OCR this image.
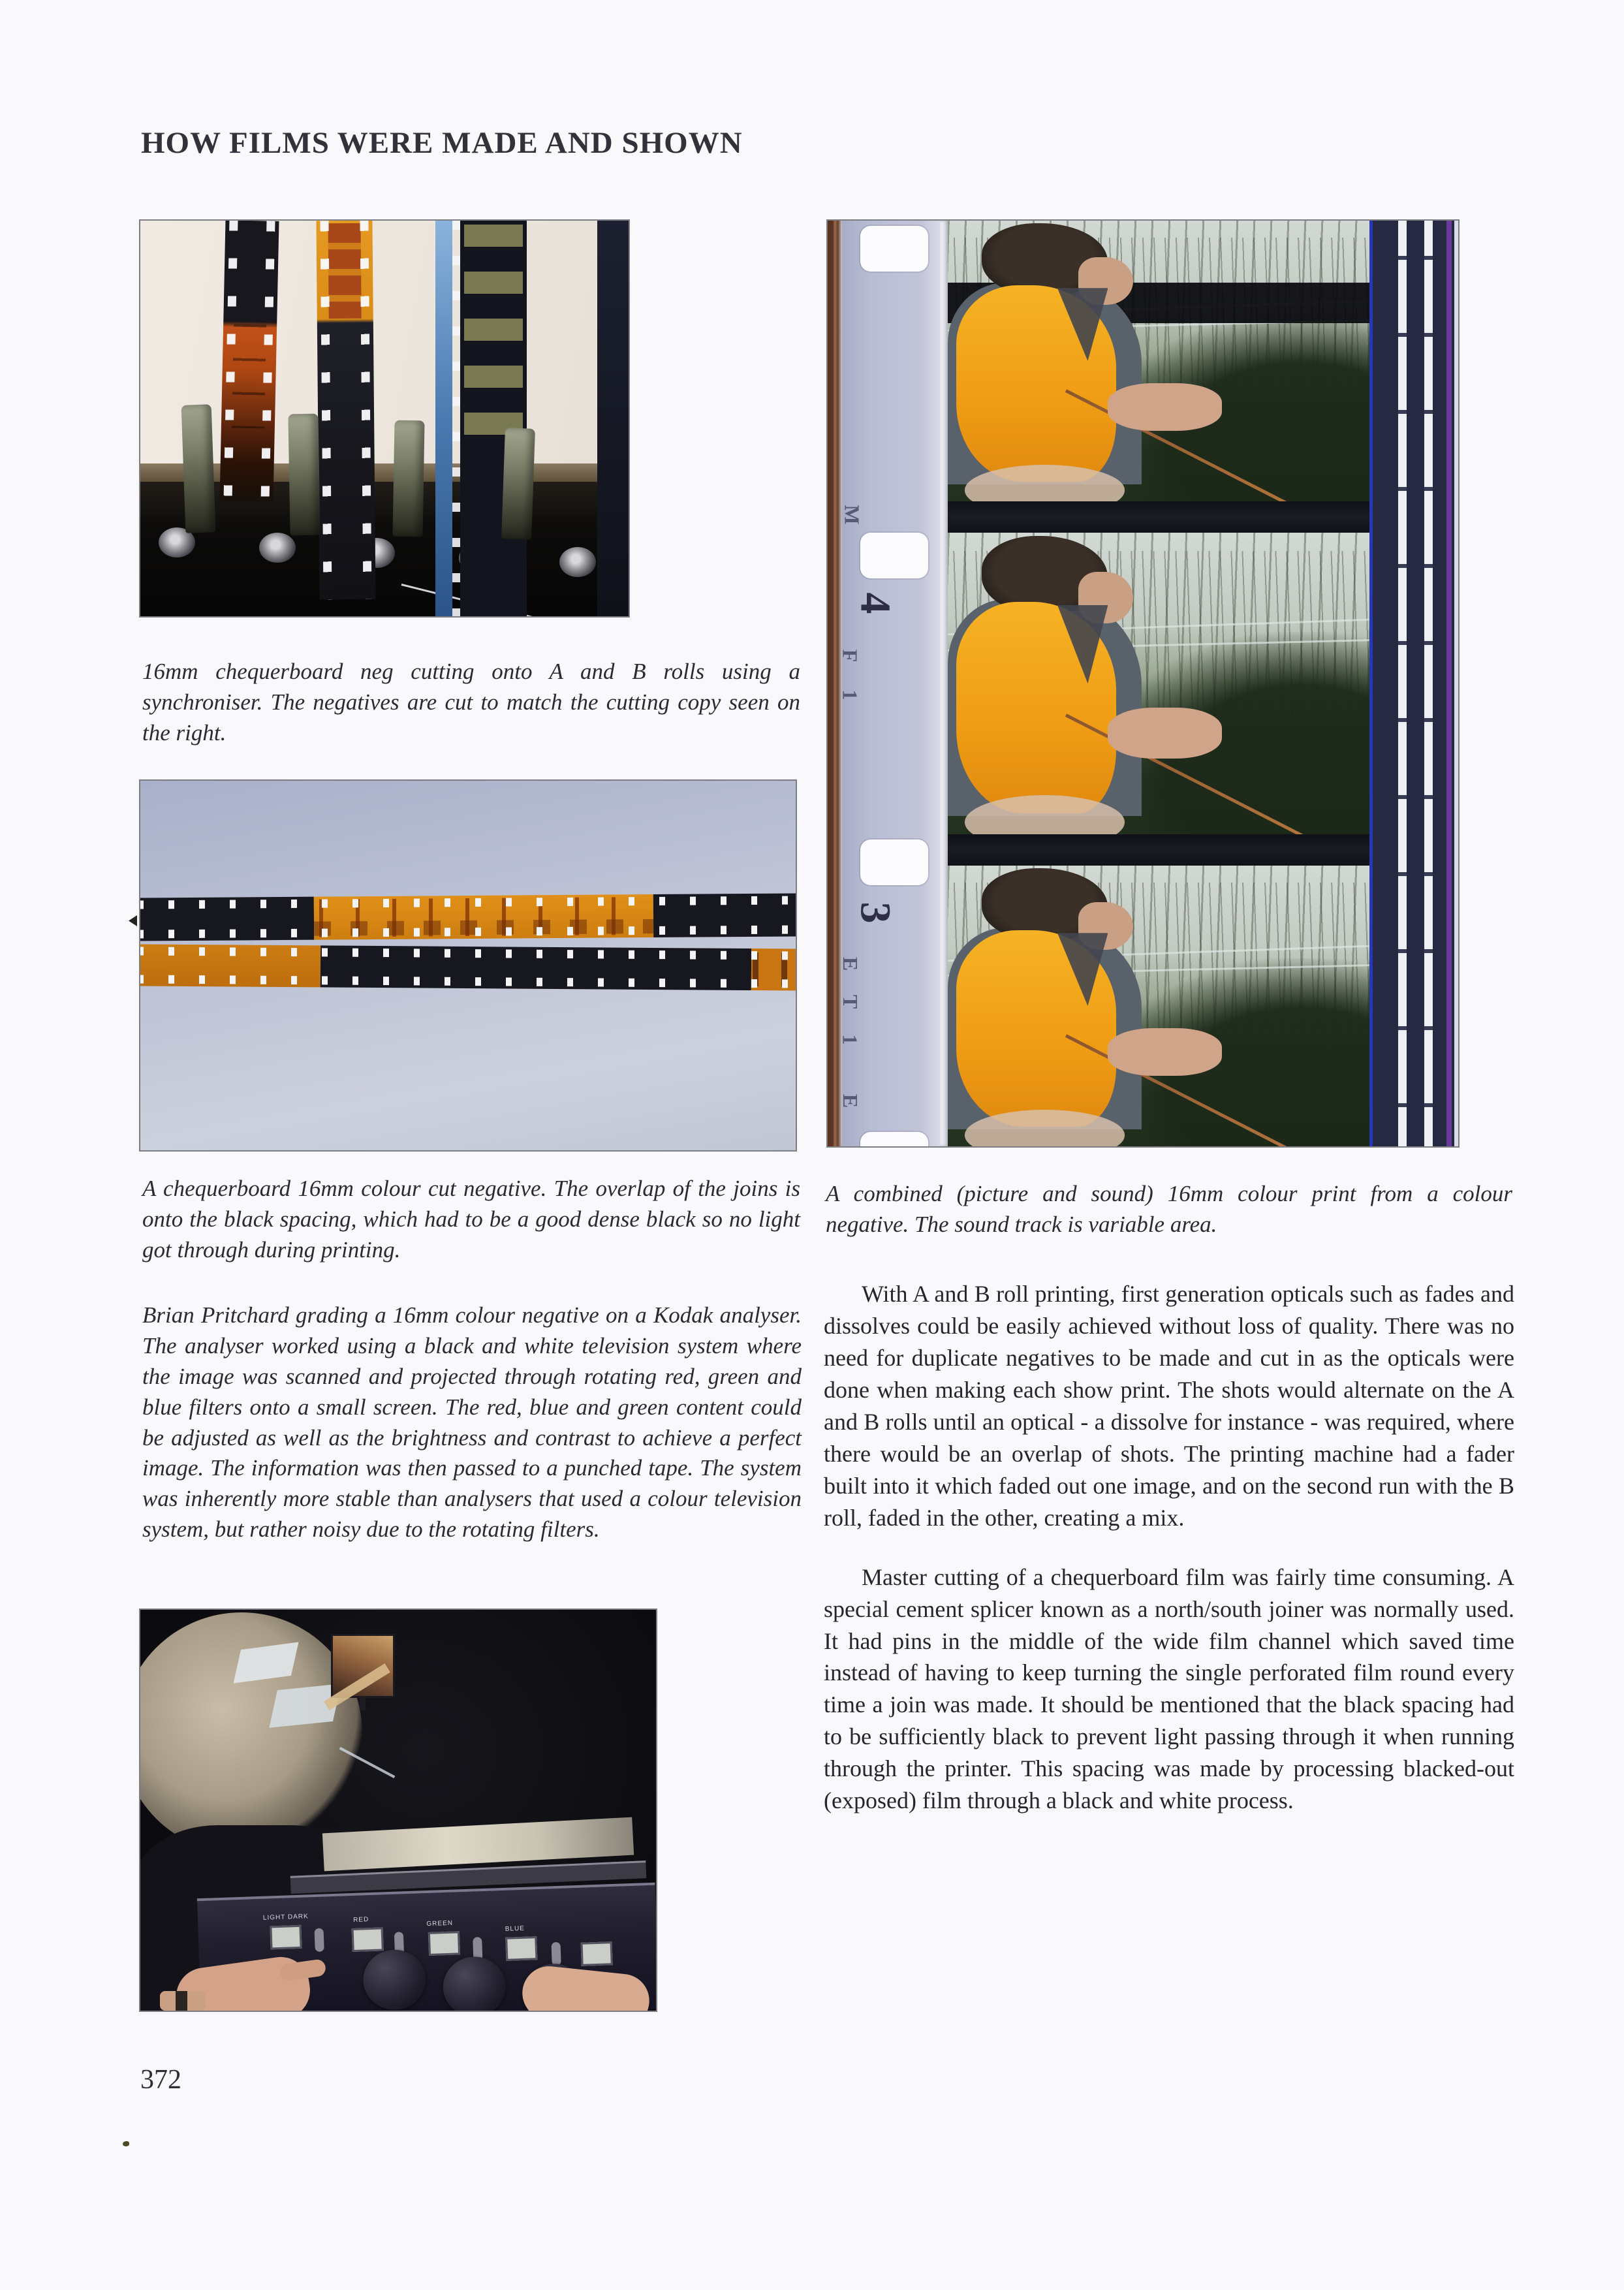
HOW FILMS WERE MADE AND SHOWN

16mm chequerboard neg cutting onto A and B rolls using a synchroniser. The negatives are cut to match the cutting copy seen on the right.

A chequerboard 16mm colour cut negative. The overlap of the joins is onto the black spacing, which had to be a good dense black so no light got through during printing.

Brian Pritchard grading a 16mm colour negative on a Kodak analyser. The analyser worked using a black and white television system where the image was scanned and projected through rotating red, green and blue filters onto a small screen. The red, blue and green content could be adjusted as well as the brightness and contrast to achieve a perfect image. The information was then passed to a punched tape. The system was inherently more stable than analysers that used a colour television system, but rather noisy due to the rotating filters.

LIGHT DARK	RED	GREEN
BLUE
M
4
F
1
3
E
T
1
E

A combined (picture and sound) 16mm colour print from a colour negative. The sound track is variable area.

With A and B roll printing, first generation opticals such as fades and dissolves could be easily achieved without loss of quality. There was no need for duplicate negatives to be made and cut in as the opticals were done when making each show print. The shots would alternate on the A and B rolls until an optical - a dissolve for instance - was required, where there would be an overlap of shots. The printing machine had a fader built into it which faded out one image, and on the second run with the B roll, faded in the other, creating a mix.

Master cutting of a chequerboard film was fairly time consuming. A special cement splicer known as a north/south joiner was normally used. It had pins in the middle of the wide film channel which saved time instead of having to keep turning the single perforated film round every time a join was made. It should be mentioned that the black spacing had to be sufficiently black to prevent light passing through it when running through the printer. This spacing was made by processing blacked-out (exposed) film through a black and white process.

372
